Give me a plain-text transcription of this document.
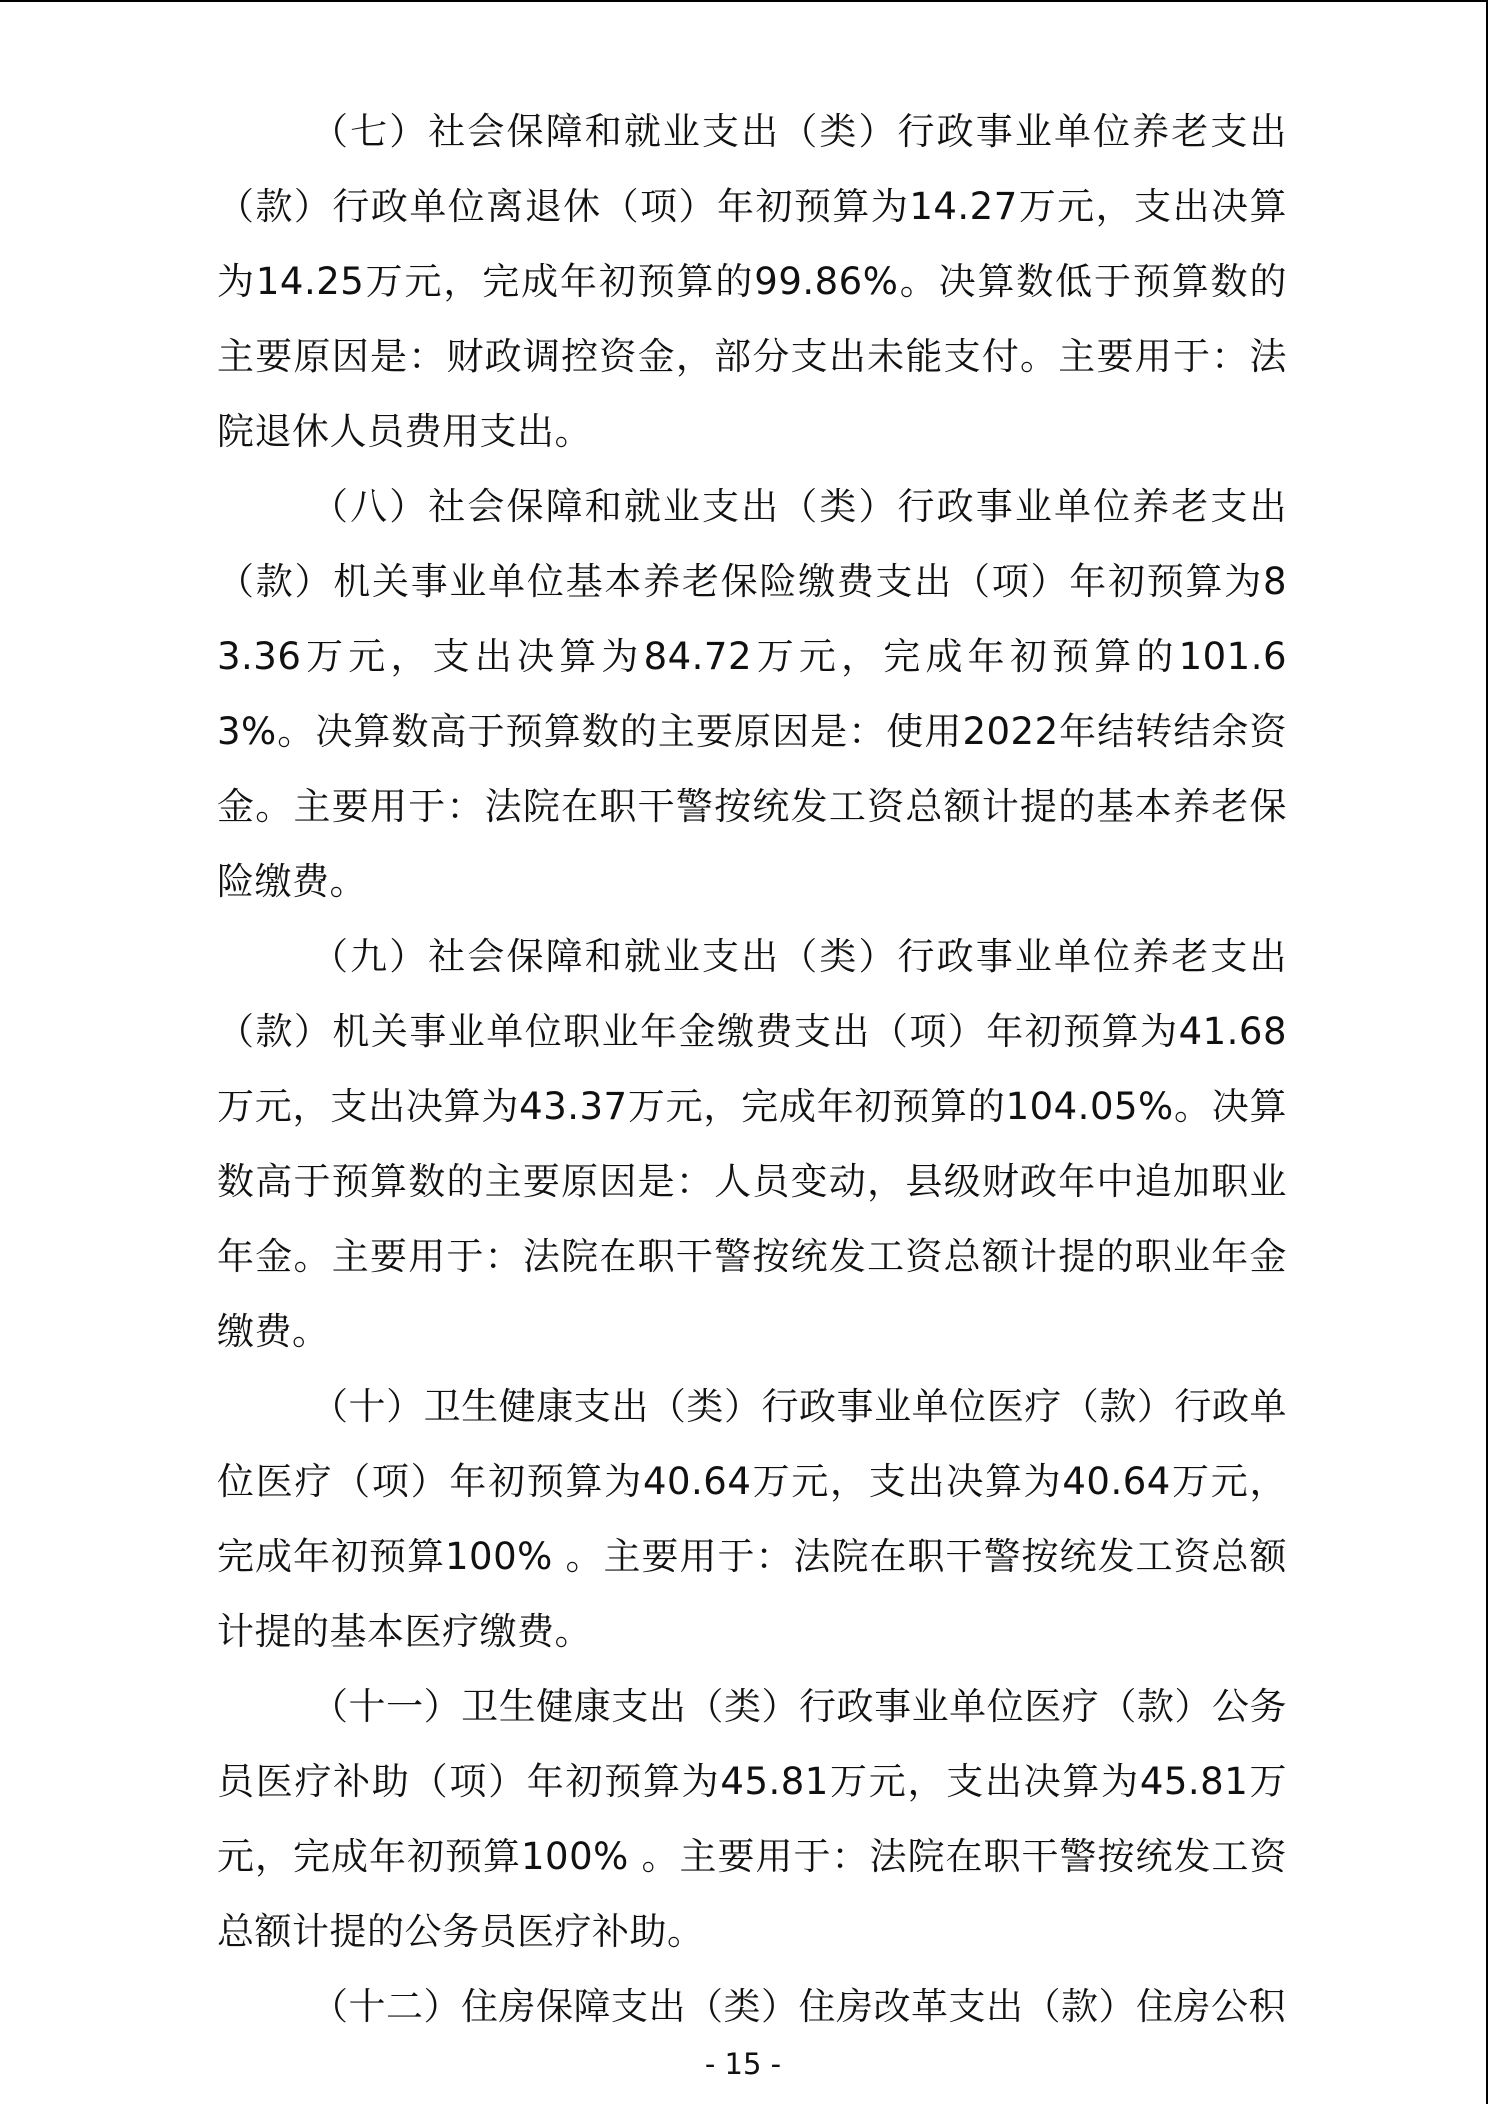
（七）社会保障和就业支出（类）行政事业单位养老支出（款）行政单位离退休（项）年初预算为14.27万元，支出决算为14.25万元，完成年初预算的99.86%。决算数低于预算数的主要原因是：财政调控资金，部分支出未能支付。主要用于：法院退休人员费用支出。

（八）社会保障和就业支出（类）行政事业单位养老支出（款）机关事业单位基本养老保险缴费支出（项）年初预算为83.36万元，支出决算为84.72万元，完成年初预算的101.63%。决算数高于预算数的主要原因是：使用2022年结转结余资金。主要用于：法院在职干警按统发工资总额计提的基本养老保险缴费。

（九）社会保障和就业支出（类）行政事业单位养老支出（款）机关事业单位职业年金缴费支出（项）年初预算为41.68万元，支出决算为43.37万元，完成年初预算的104.05%。决算数高于预算数的主要原因是：人员变动，县级财政年中追加职业年金。主要用于：法院在职干警按统发工资总额计提的职业年金缴费。

（十）卫生健康支出（类）行政事业单位医疗（款）行政单位医疗（项）年初预算为40.64万元，支出决算为40.64万元，完成年初预算100% 。主要用于：法院在职干警按统发工资总额计提的基本医疗缴费。

（十一）卫生健康支出（类）行政事业单位医疗（款）公务员医疗补助（项）年初预算为45.81万元，支出决算为45.81万元，完成年初预算100% 。主要用于：法院在职干警按统发工资总额计提的公务员医疗补助。

（十二）住房保障支出（类）住房改革支出（款）住房公积

- 15 -
